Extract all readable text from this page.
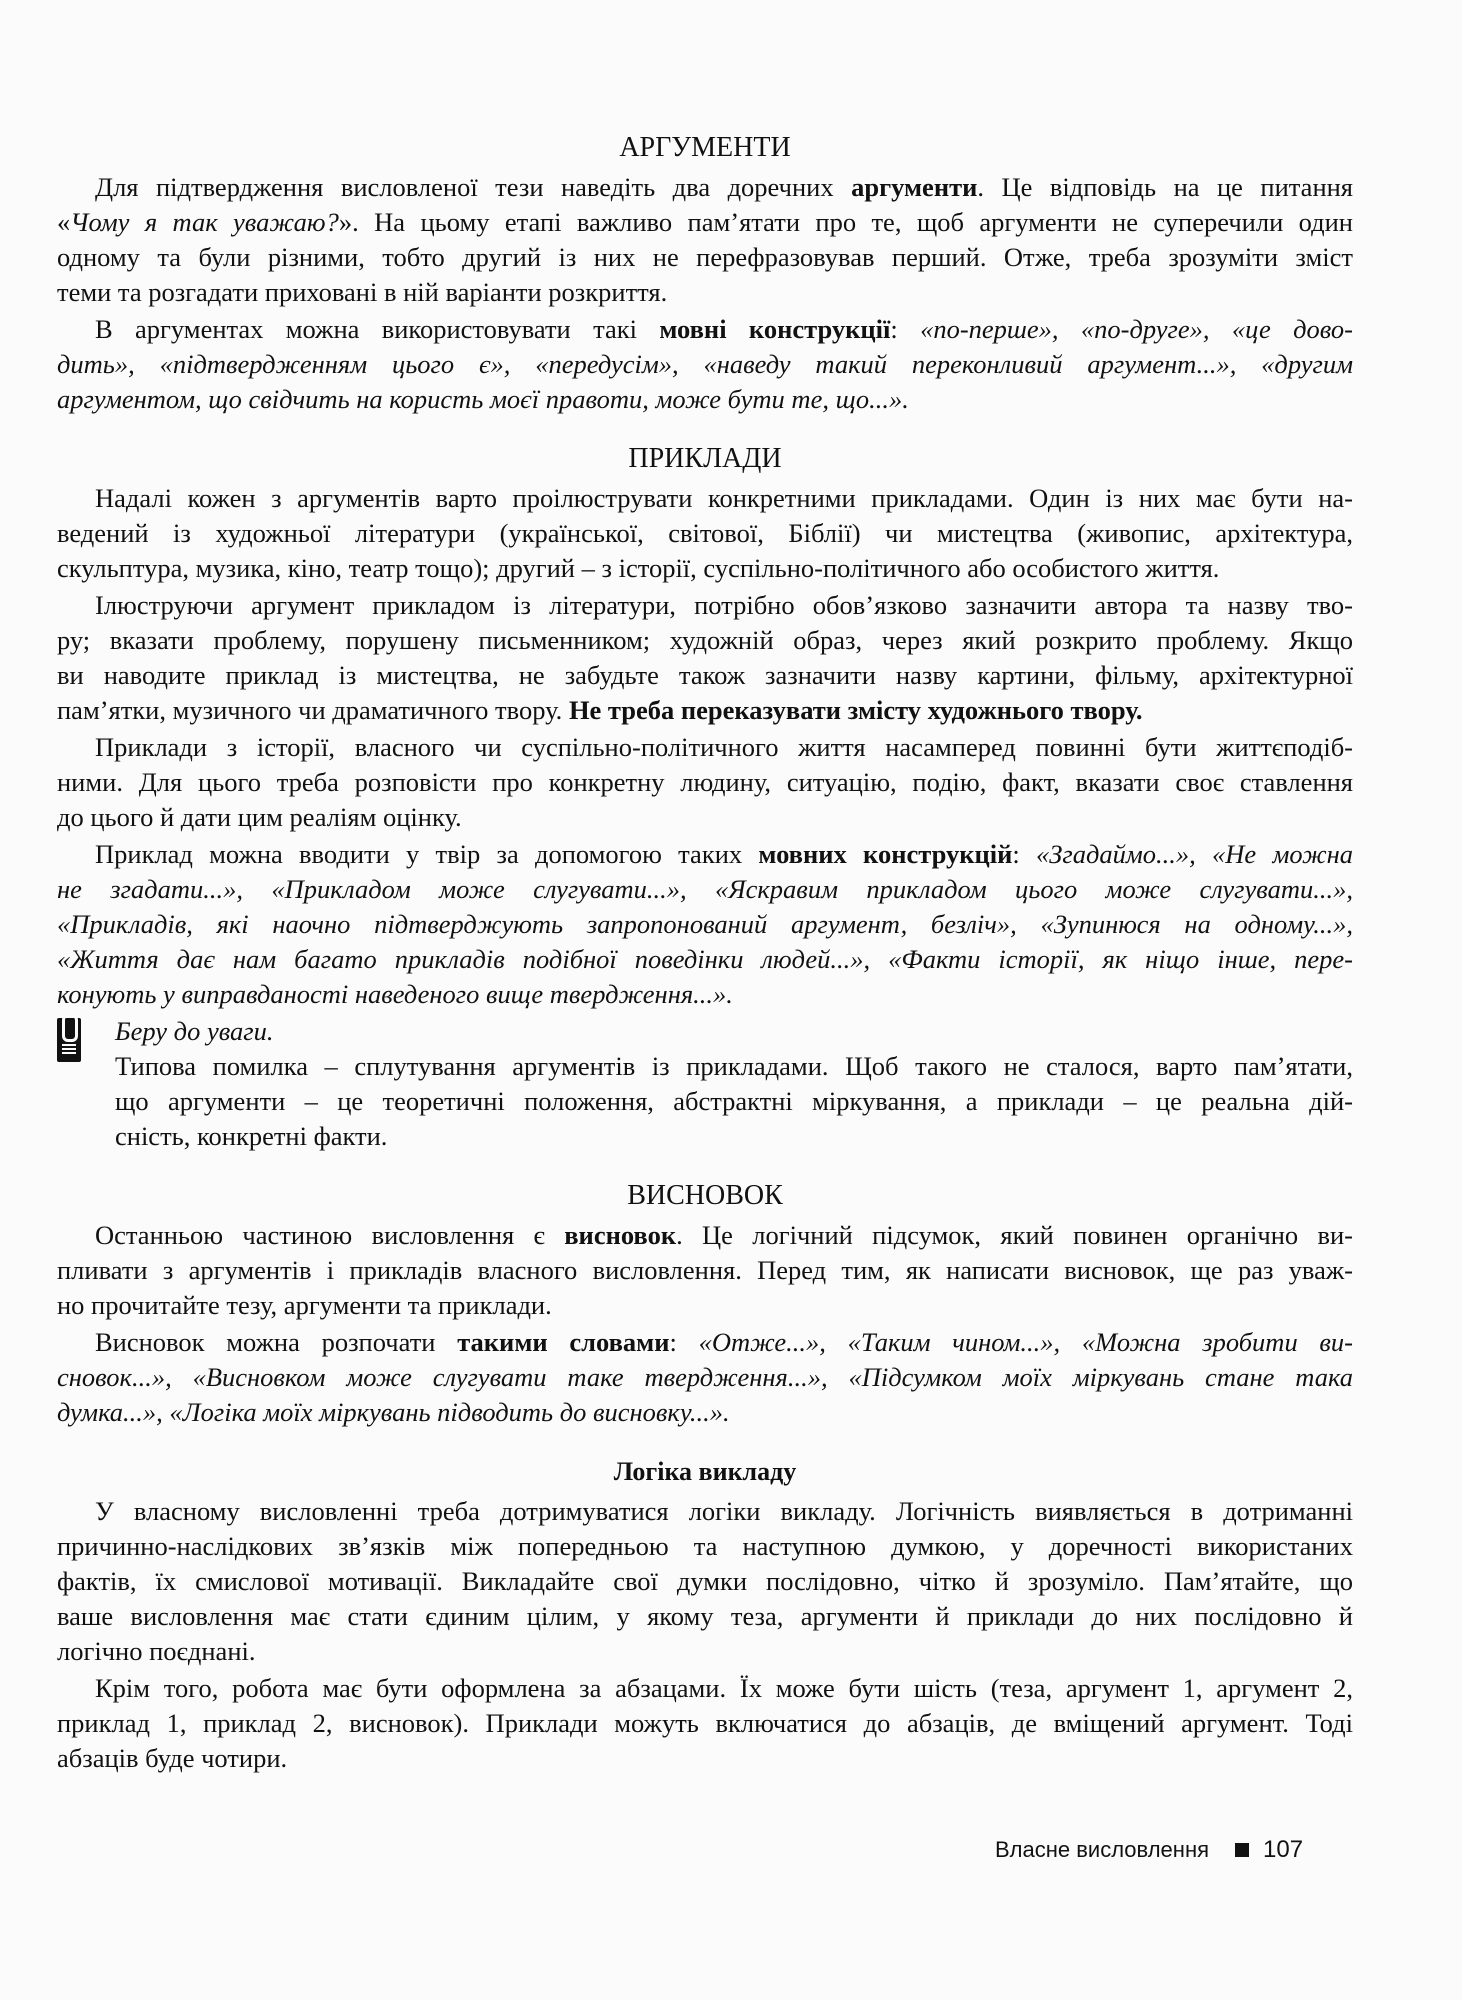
АРГУМЕНТИ
Для підтвердження висловленої тези наведіть два доречних аргументи. Це відповідь на це питання
«Чому я так уважаю?». На цьому етапі важливо пам’ятати про те, щоб аргументи не суперечили один
одному та були різними, тобто другий із них не перефразовував перший. Отже, треба зрозуміти зміст
теми та розгадати приховані в ній варіанти розкриття.
В аргументах можна використовувати такі мовні конструкції: «по-перше», «по-друге», «це дово-
дить», «підтвердженням цього є», «передусім», «наведу такий переконливий аргумент...», «другим
аргументом, що свідчить на користь моєї правоти, може бути те, що...».
ПРИКЛАДИ
Надалі кожен з аргументів варто проілюструвати конкретними прикладами. Один із них має бути на-
ведений із художньої літератури (української, світової, Біблії) чи мистецтва (живопис, архітектура,
скульптура, музика, кіно, театр тощо); другий – з історії, суспільно-політичного або особистого життя.
Ілюструючи аргумент прикладом із літератури, потрібно обов’язково зазначити автора та назву тво-
ру; вказати проблему, порушену письменником; художній образ, через який розкрито проблему. Якщо
ви наводите приклад із мистецтва, не забудьте також зазначити назву картини, фільму, архітектурної
пам’ятки, музичного чи драматичного твору. Не треба переказувати змісту художнього твору.
Приклади з історії, власного чи суспільно-політичного життя насамперед повинні бути життєподіб-
ними. Для цього треба розповісти про конкретну людину, ситуацію, подію, факт, вказати своє ставлення
до цього й дати цим реаліям оцінку.
Приклад можна вводити у твір за допомогою таких мовних конструкцій: «Згадаймо...», «Не можна
не згадати...», «Прикладом може слугувати...», «Яскравим прикладом цього може слугувати...»,
«Прикладів, які наочно підтверджують запропонований аргумент, безліч», «Зупинюся на одному...»,
«Життя дає нам багато прикладів подібної поведінки людей...», «Факти історії, як ніщо інше, пере-
конують у виправданості наведеного вище твердження...».
Беру до уваги.
Типова помилка – сплутування аргументів із прикладами. Щоб такого не сталося, варто пам’ятати,
що аргументи – це теоретичні положення, абстрактні міркування, а приклади – це реальна дій-
сність, конкретні факти.
ВИСНОВОК
Останньою частиною висловлення є висновок. Це логічний підсумок, який повинен органічно ви-
пливати з аргументів і прикладів власного висловлення. Перед тим, як написати висновок, ще раз уваж-
но прочитайте тезу, аргументи та приклади.
Висновок можна розпочати такими словами: «Отже...», «Таким чином...», «Можна зробити ви-
сновок...», «Висновком може слугувати таке твердження...», «Підсумком моїх міркувань стане така
думка...», «Логіка моїх міркувань підводить до висновку...».
Логіка викладу
У власному висловленні треба дотримуватися логіки викладу. Логічність виявляється в дотриманні
причинно-наслідкових зв’язків між попередньою та наступною думкою, у доречності використаних
фактів, їх смислової мотивації. Викладайте свої думки послідовно, чітко й зрозуміло. Пам’ятайте, що
ваше висловлення має стати єдиним цілим, у якому теза, аргументи й приклади до них послідовно й
логічно поєднані.
Крім того, робота має бути оформлена за абзацами. Їх може бути шість (теза, аргумент 1, аргумент 2,
приклад 1, приклад 2, висновок). Приклади можуть включатися до абзаців, де вміщений аргумент. Тоді
абзаців буде чотири.
Власне висловлення 107
